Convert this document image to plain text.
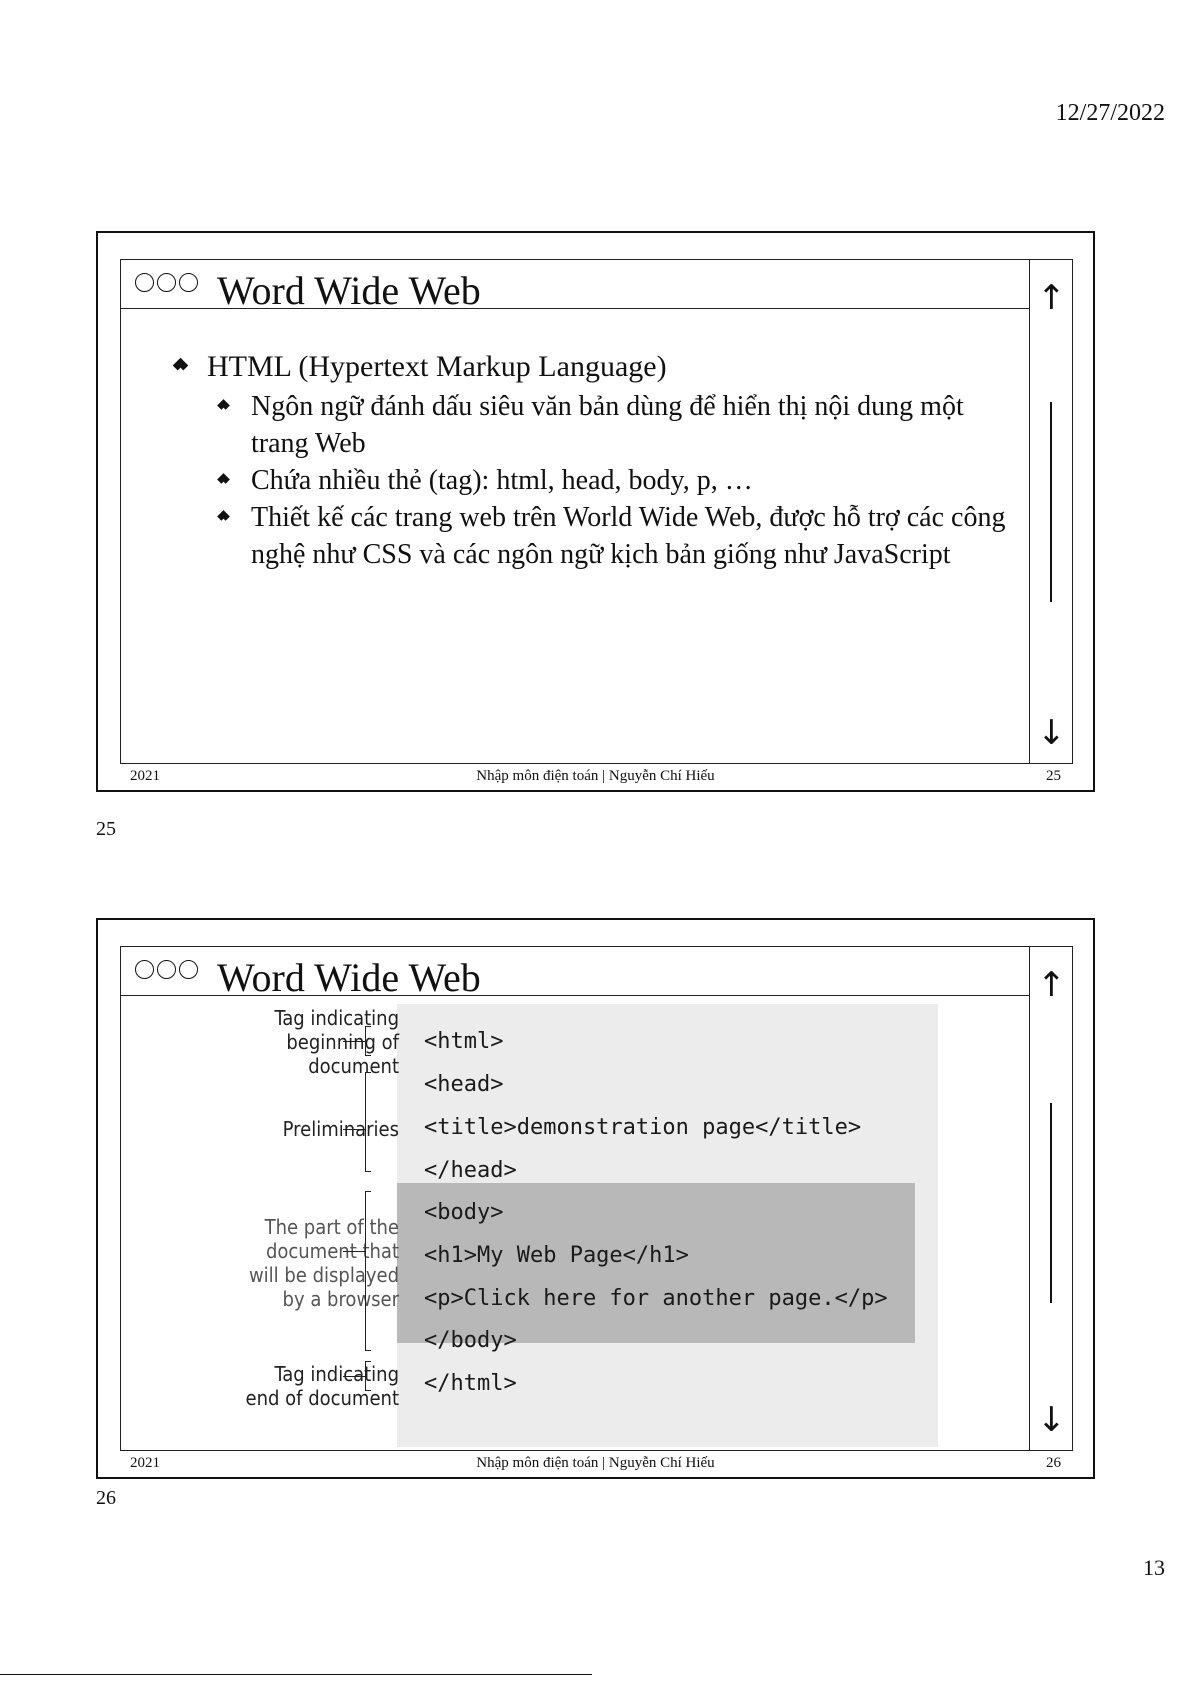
12/27/2022
Word Wide Web	↑
↓
HTML (Hypertext Markup Language)
Ngôn ngữ đánh dấu siêu văn bản dùng để hiển thị nội dung một trang Web
Chứa nhiều thẻ (tag): html, head, body, p, …
Thiết kế các trang web trên World Wide Web, được hỗ trợ các công nghệ như CSS và các ngôn ngữ kịch bản giống như JavaScript
2021	Nhập môn điện toán | Nguyễn Chí Hiếu	25
25
Word Wide Web	↑
↓
<html>
<head>
<title>demonstration page</title>
</head>
<body>
<h1>My Web Page</h1>
<p>Click here for another page.</p>
</body>
</html>
Tag indicating
beginning of
document
Preliminaries
The part of the
document that
will be displayed
by a browser
Tag indicating
end of document
2021	Nhập môn điện toán | Nguyễn Chí Hiếu	26
26
13
